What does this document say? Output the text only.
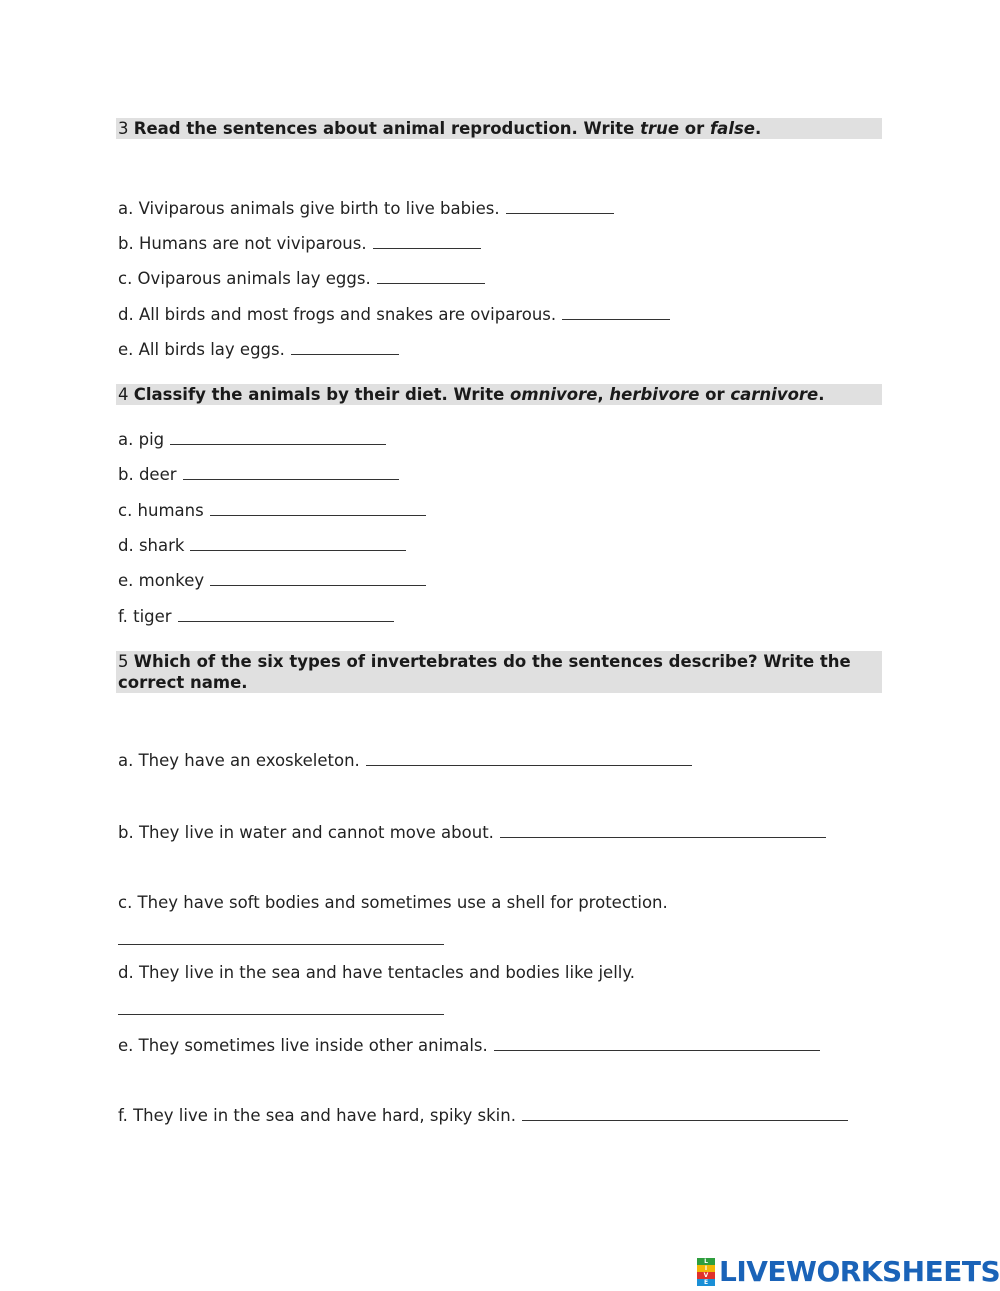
3 Read the sentences about animal reproduction. Write true or false.
a. Viviparous animals give birth to live babies.
b. Humans are not viviparous.
c. Oviparous animals lay eggs.
d. All birds and most frogs and snakes are oviparous.
e. All birds lay eggs.
4 Classify the animals by their diet. Write omnivore, herbivore or carnivore.
a. pig
b. deer
c. humans
d. shark
e. monkey
f. tiger
5 Which of the six types of invertebrates do the sentences describe? Write the
correct name.
a. They have an exoskeleton.
b. They live in water and cannot move about.
c. They have soft bodies and sometimes use a shell for protection.
d. They live in the sea and have tentacles and bodies like jelly.
e. They sometimes live inside other animals.
f. They live in the sea and have hard, spiky skin.
L
I
V
E LIVEWORKSHEETS
